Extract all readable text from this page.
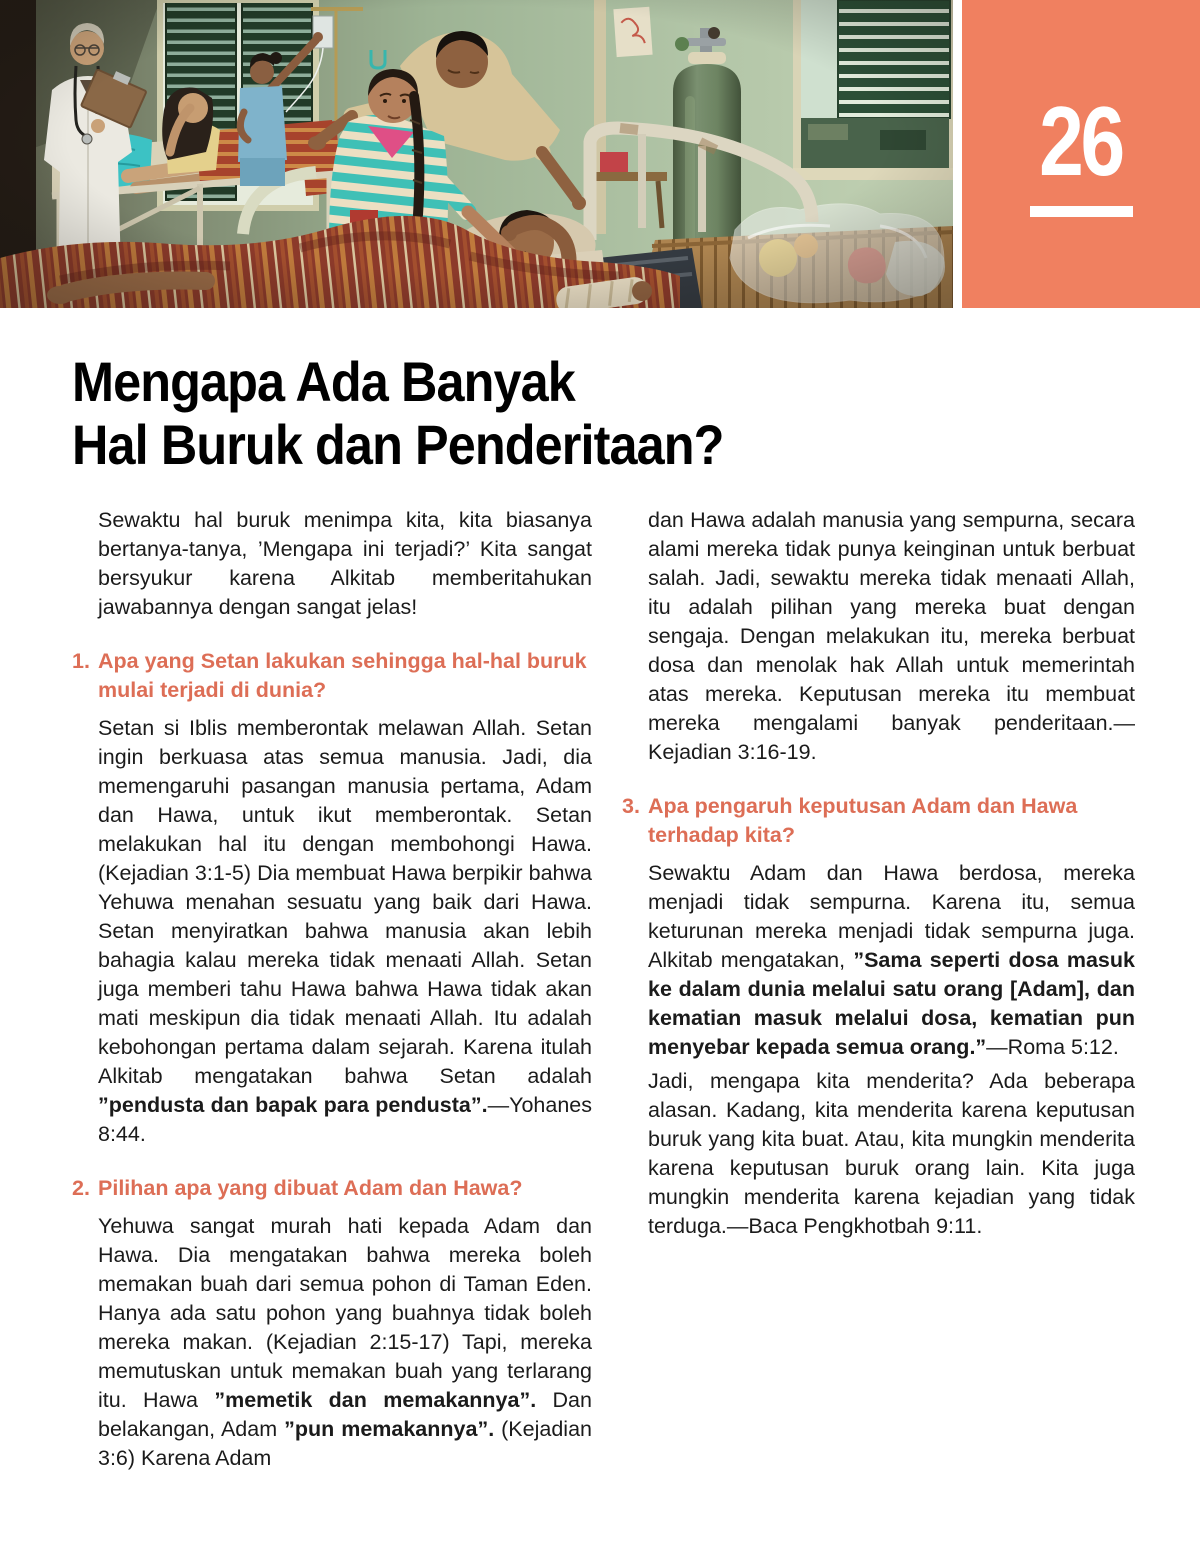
26
Mengapa Ada Banyak
Hal Buruk dan Penderitaan?

Sewaktu hal buruk menimpa kita, kita biasanya bertanya-tanya, ’Mengapa ini terjadi?’ Kita sangat bersyukur karena Alkitab memberitahukan jawabannya dengan sangat jelas!

1. Apa yang Setan lakukan sehingga hal-hal buruk mulai terjadi di dunia?

Setan si Iblis memberontak melawan Allah. Setan ingin berkuasa atas semua manusia. Jadi, dia memengaruhi pasangan manusia pertama, Adam dan Hawa, untuk ikut memberontak. Setan melakukan hal itu dengan membohongi Hawa. (Kejadian 3:1-5) Dia membuat Hawa berpikir bahwa Yehuwa menahan sesuatu yang baik dari Hawa. Setan menyiratkan bahwa manusia akan lebih bahagia kalau mereka tidak menaati Allah. Setan juga memberi tahu Hawa bahwa Hawa tidak akan mati meskipun dia tidak menaati Allah. Itu adalah kebohongan pertama dalam sejarah. Karena itulah Alkitab mengatakan bahwa Setan adalah ”pendusta dan bapak para pendusta”.—Yohanes 8:44.

2. Pilihan apa yang dibuat Adam dan Hawa?

Yehuwa sangat murah hati kepada Adam dan Hawa. Dia mengatakan bahwa mereka boleh memakan buah dari semua pohon di Taman Eden. Hanya ada satu pohon yang buahnya tidak boleh mereka makan. (Kejadian 2:15-17) Tapi, mereka memutuskan untuk memakan buah yang terlarang itu. Hawa ”memetik dan memakannya”. Dan belakangan, Adam ”pun memakannya”. (Kejadian 3:6) Karena Adam

dan Hawa adalah manusia yang sempurna, secara alami mereka tidak punya keinginan untuk berbuat salah. Jadi, sewaktu mereka tidak menaati Allah, itu adalah pilihan yang mereka buat dengan sengaja. Dengan melakukan itu, mereka berbuat dosa dan menolak hak Allah untuk memerintah atas mereka. Keputusan mereka itu membuat mereka mengalami banyak penderitaan.—Kejadian 3:16-19.

3. Apa pengaruh keputusan Adam dan Hawa terhadap kita?

Sewaktu Adam dan Hawa berdosa, mereka menjadi tidak sempurna. Karena itu, semua keturunan mereka menjadi tidak sempurna juga. Alkitab mengatakan, ”Sama seperti dosa masuk ke dalam dunia melalui satu orang [Adam], dan kematian masuk melalui dosa, kematian pun menyebar kepada semua orang.”—Roma 5:12.

Jadi, mengapa kita menderita? Ada beberapa alasan. Kadang, kita menderita karena keputusan buruk yang kita buat. Atau, kita mungkin menderita karena keputusan buruk orang lain. Kita juga mungkin menderita karena kejadian yang tidak terduga.—Baca Pengkhotbah 9:11.
